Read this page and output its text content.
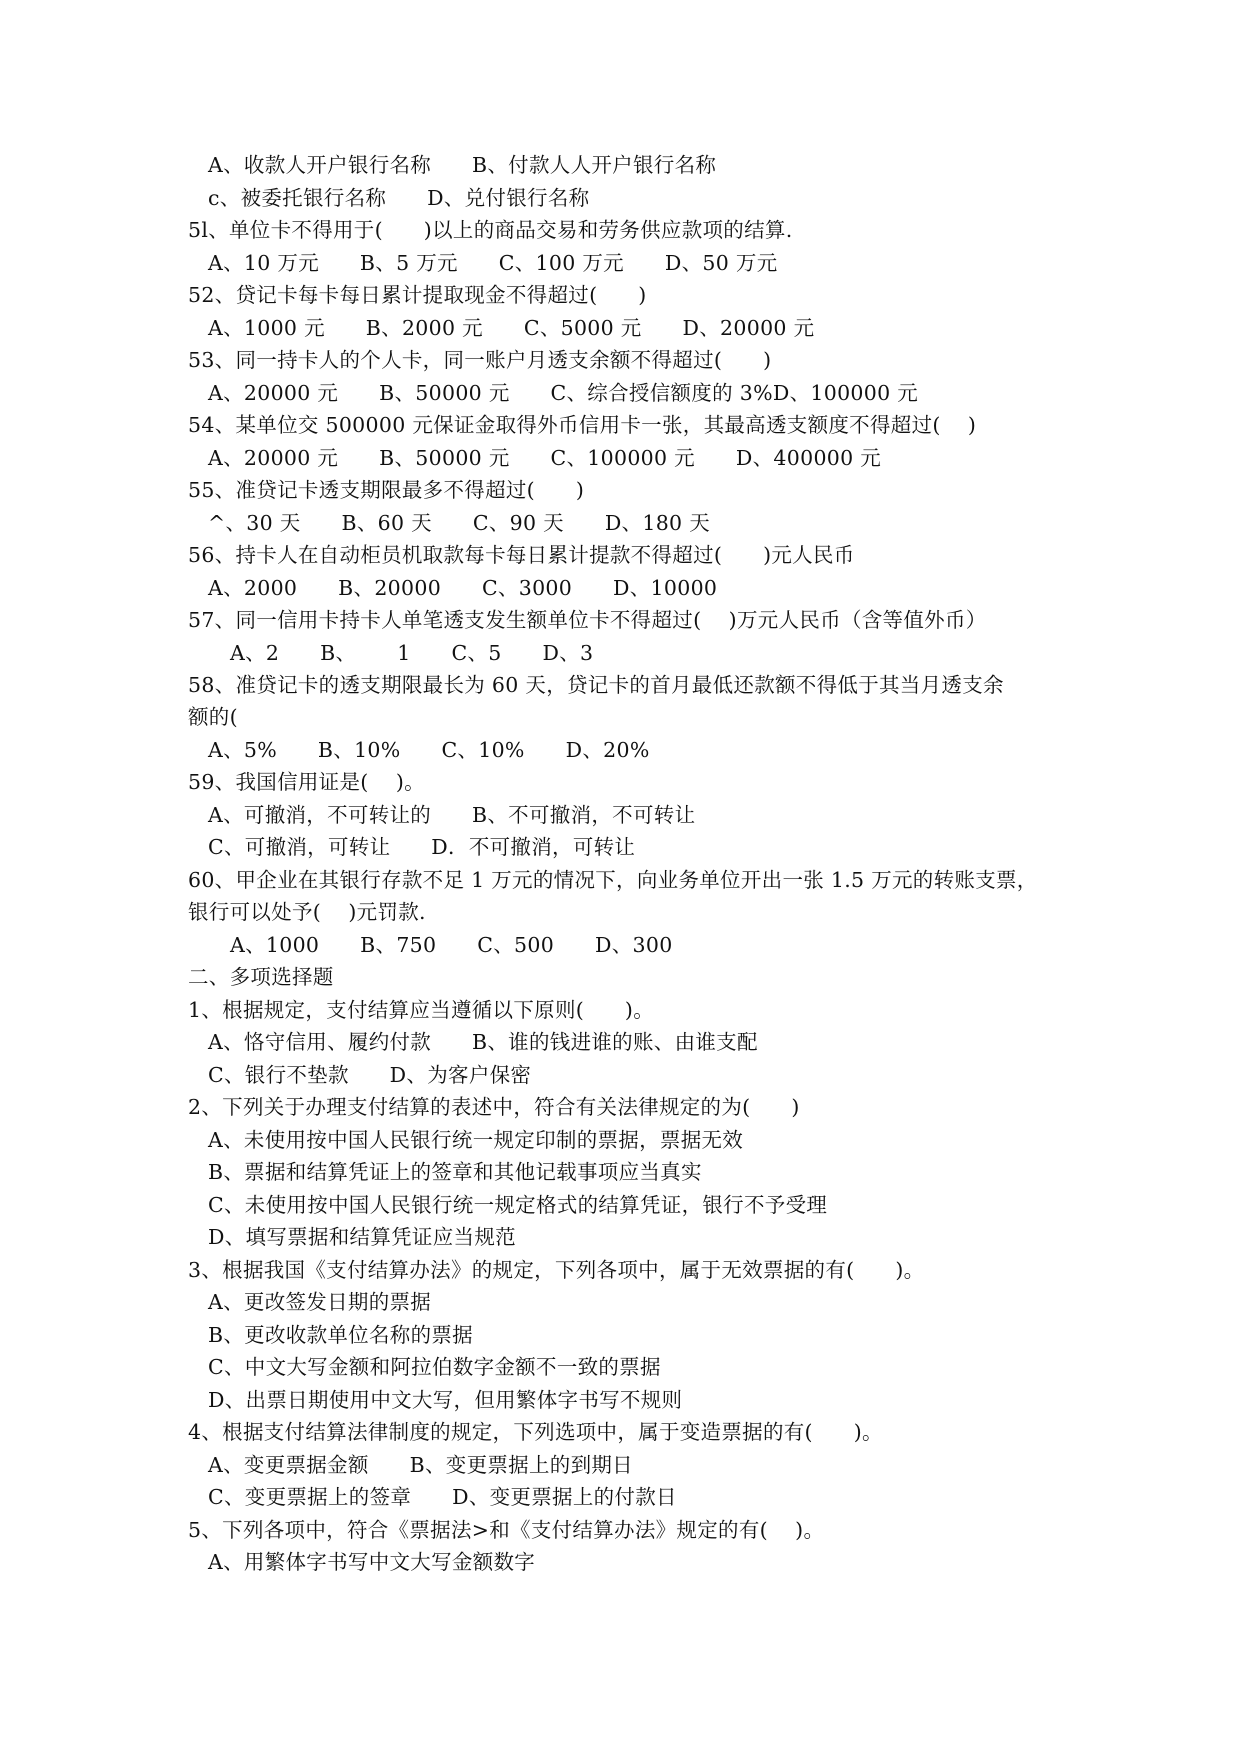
A、收款人开户银行名称      B、付款人人开户银行名称
c、被委托银行名称      D、兑付银行名称
5l、单位卡不得用于(      )以上的商品交易和劳务供应款项的结算.
A、10 万元      B、5 万元      C、100 万元      D、50 万元
52、贷记卡每卡每日累计提取现金不得超过(      )
A、1000 元      B、2000 元      C、5000 元      D、20000 元
53、同一持卡人的个人卡，同一账户月透支余额不得超过(      )
A、20000 元      B、50000 元      C、综合授信额度的 3%D、100000 元
54、某单位交 500000 元保证金取得外币信用卡一张，其最高透支额度不得超过(    )
A、20000 元      B、50000 元      C、100000 元      D、400000 元
55、准贷记卡透支期限最多不得超过(      )
^、30 天      B、60 天      C、90 天      D、180 天
56、持卡人在自动柜员机取款每卡每日累计提款不得超过(      )元人民币
A、2000      B、20000      C、3000      D、10000
57、同一信用卡持卡人单笔透支发生额单位卡不得超过(    )万元人民币（含等值外币）
A、2      B、      1      C、5      D、3
58、准贷记卡的透支期限最长为 60 天，贷记卡的首月最低还款额不得低于其当月透支余
额的(
A、5%      B、10%      C、10%      D、20%
59、我国信用证是(    )。
A、可撤消，不可转让的      B、不可撤消，不可转让
C、可撤消，可转让      D．不可撤消，可转让
60、甲企业在其银行存款不足 1 万元的情况下，向业务单位开出一张 1.5 万元的转账支票，
银行可以处予(    )元罚款.
A、1000      B、750      C、500      D、300
二、多项选择题
1、根据规定，支付结算应当遵循以下原则(      )。
A、恪守信用、履约付款      B、谁的钱进谁的账、由谁支配
C、银行不垫款      D、为客户保密
2、下列关于办理支付结算的表述中，符合有关法律规定的为(      )
A、未使用按中国人民银行统一规定印制的票据，票据无效
B、票据和结算凭证上的签章和其他记载事项应当真实
C、未使用按中国人民银行统一规定格式的结算凭证，银行不予受理
D、填写票据和结算凭证应当规范
3、根据我国《支付结算办法》的规定，下列各项中，属于无效票据的有(      )。
A、更改签发日期的票据
B、更改收款单位名称的票据
C、中文大写金额和阿拉伯数字金额不一致的票据
D、出票日期使用中文大写，但用繁体字书写不规则
4、根据支付结算法律制度的规定，下列选项中，属于变造票据的有(      )。
A、变更票据金额      B、变更票据上的到期日
C、变更票据上的签章      D、变更票据上的付款日
5、下列各项中，符合《票据法>和《支付结算办法》规定的有(    )。
A、用繁体字书写中文大写金额数字
